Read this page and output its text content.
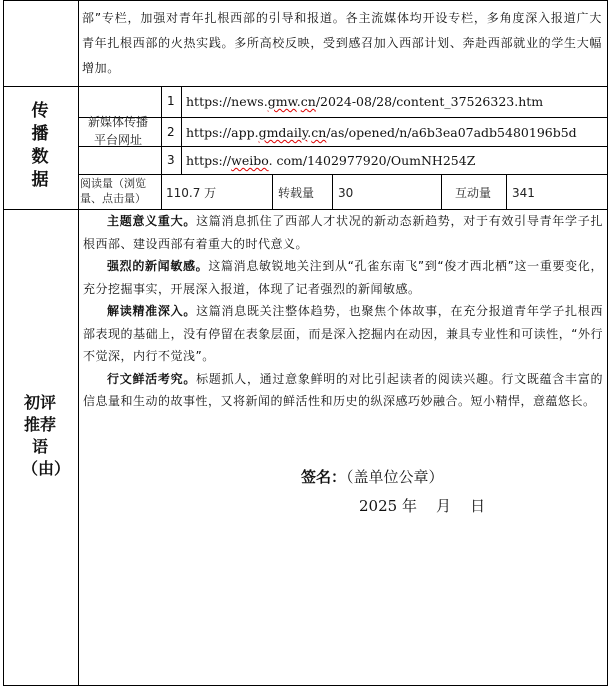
部”专栏，加强对青年扎根西部的引导和报道。各主流媒体均开设专栏，多角度深入报道广大青年扎根西部的火热实践。多所高校反映，受到感召加入西部计划、奔赴西部就业的学生大幅增加。
传播数据
新媒体传播平台网址
1 https://news.gmw.cn/2024-08/28/content_37526323.htm
2 https://app.gmdaily.cn/as/opened/n/a6b3ea07adb5480196b5d
3 https://weibo. com/1402977920/OumNH254Z
阅读量（浏览量、点击量）	110.7 万	转载量 30	互动量 341
初评推荐语（由）

主题意义重大。这篇消息抓住了西部人才状况的新动态新趋势，对于有效引导青年学子扎根西部、建设西部有着重大的时代意义。

强烈的新闻敏感。这篇消息敏锐地关注到从“孔雀东南飞”到“俊才西北栖”这一重要变化，充分挖掘事实，开展深入报道，体现了记者强烈的新闻敏感。

解读精准深入。这篇消息既关注整体趋势，也聚焦个体故事，在充分报道青年学子扎根西部表现的基础上，没有停留在表象层面，而是深入挖掘内在动因，兼具专业性和可读性，“外行不觉深，内行不觉浅”。

行文鲜活考究。标题抓人，通过意象鲜明的对比引起读者的阅读兴趣。行文既蕴含丰富的信息量和生动的故事性，又将新闻的鲜活性和历史的纵深感巧妙融合。短小精悍，意蕴悠长。

签名：（盖单位公章）
2025 年 月 日
